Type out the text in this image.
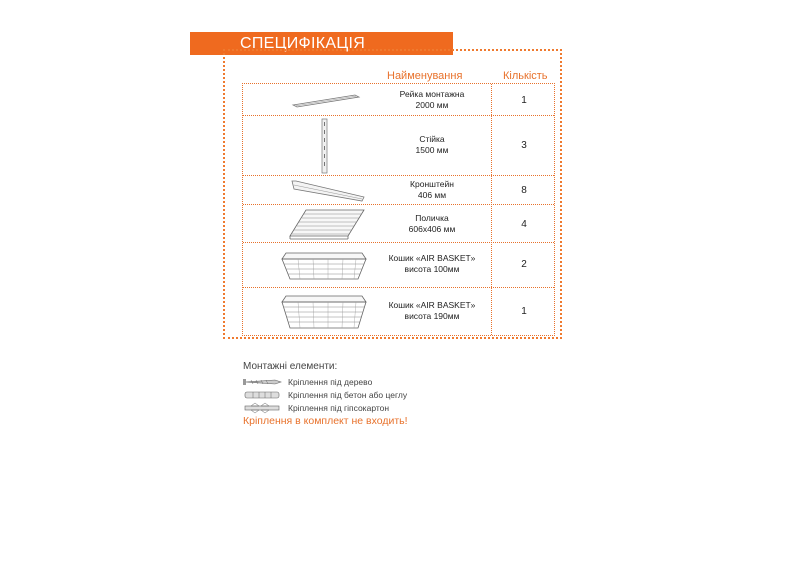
СПЕЦИФІКАЦІЯ
Найменування	Кількість
Рейка монтажна
2000 мм	1
Стійка
1500 мм	3
Кронштейн
406 мм	8
Поличка
606х406 мм	4
Кошик «AIR BASKET»
висота 100мм	2
Кошик «AIR BASKET»
висота 190мм	1
Монтажні елементи:
Кріплення під дерево
Кріплення під бетон або цеглу
Кріплення під гіпсокартон
Кріплення в комплект не входить!
